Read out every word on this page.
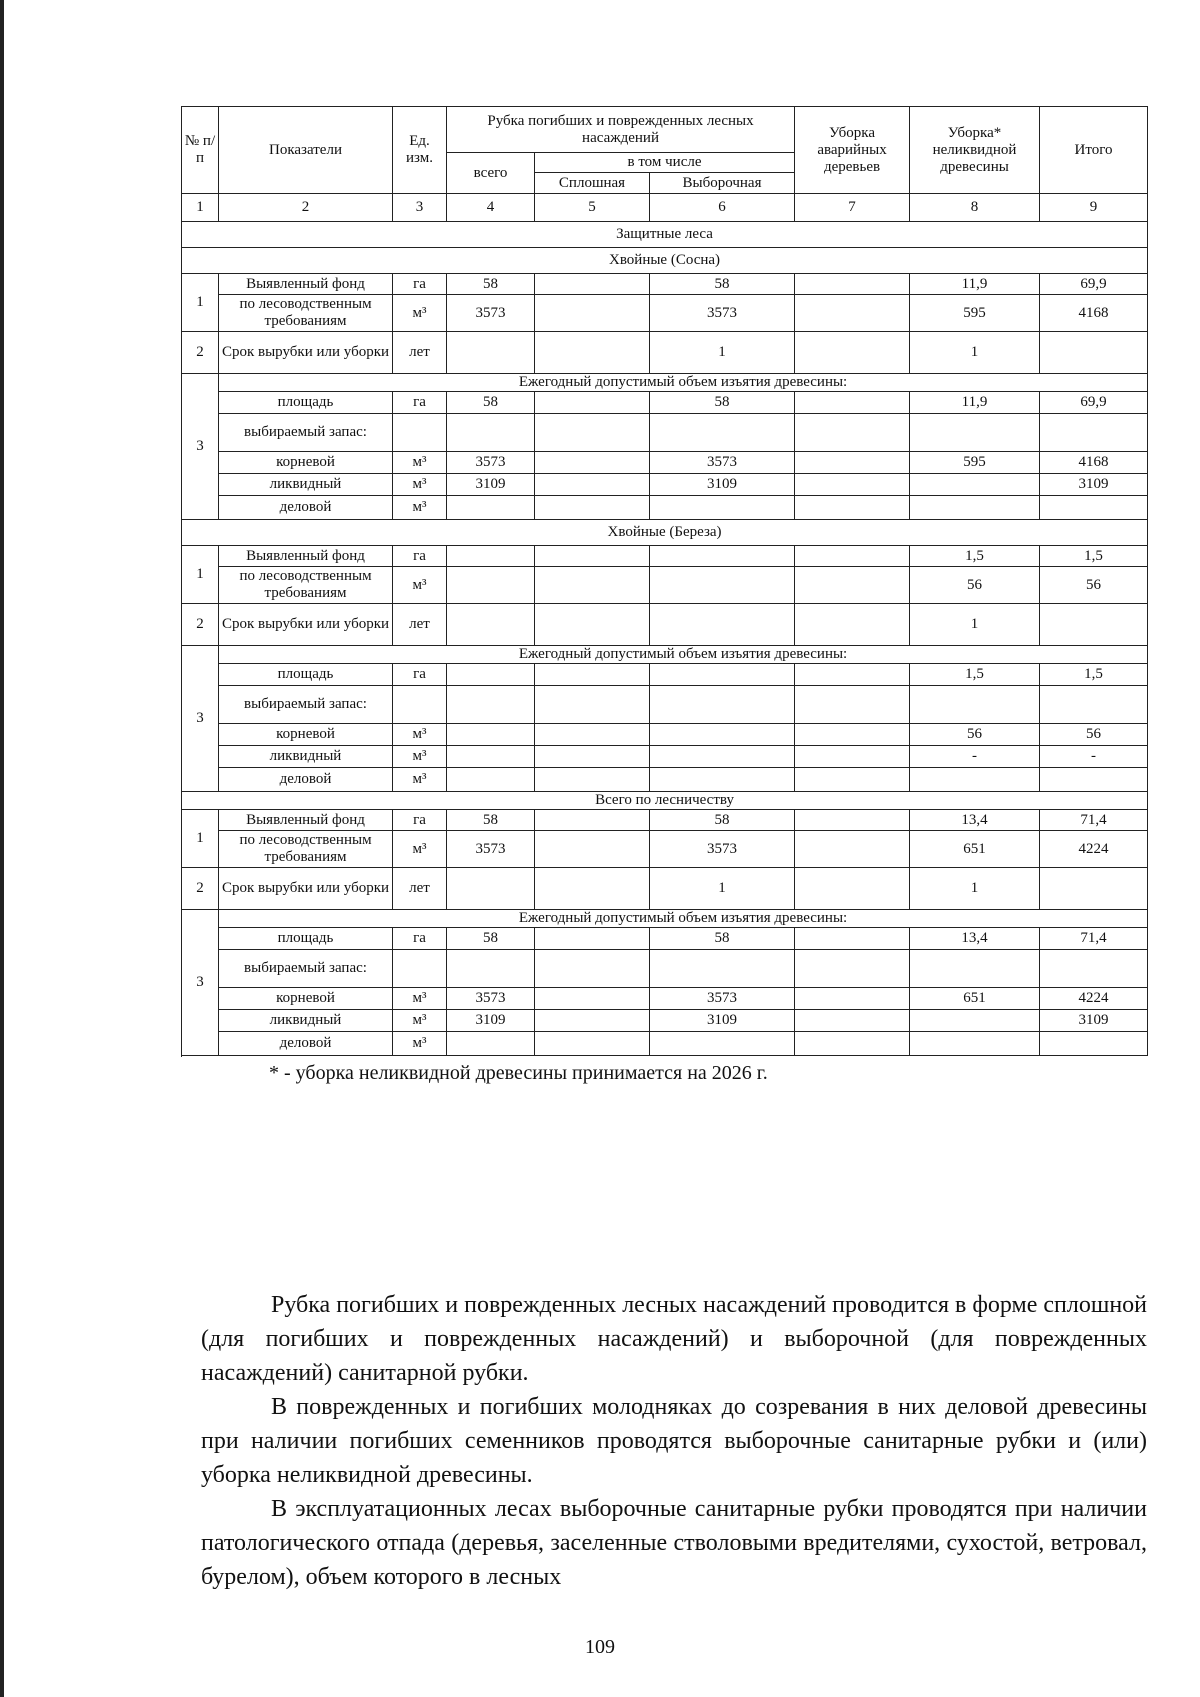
№ п/п	Показатели	Ед. изм.	Рубка погибших и поврежденных лесных насаждений			Уборка аварийных деревьев	Уборка* неликвидной древесины	Итого
			всего	в том числе				
				Сплошная	Выборочная			
1	2	3	4	5	6	7	8	9
Защитные леса								
Хвойные (Сосна)								
1	Выявленный фонд	га	58		58		11,9	69,9
	по лесоводственным требованиям	м³	3573		3573		595	4168
2	Срок вырубки или уборки	лет			1		1	
3	Ежегодный допустимый объем изъятия древесины:							
	площадь	га	58		58		11,9	69,9
	выбираемый запас:							
	корневой	м³	3573		3573		595	4168
	ликвидный	м³	3109		3109			3109
	деловой	м³						

Хвойные (Береза)								
1	Выявленный фонд	га					1,5	1,5
	по лесоводственным требованиям	м³					56	56
2	Срок вырубки или уборки	лет					1	
3	Ежегодный допустимый объем изъятия древесины:							
	площадь	га					1,5	1,5
	выбираемый запас:							
	корневой	м³					56	56
	ликвидный	м³					-	-
	деловой	м³						

Всего по лесничеству								
1	Выявленный фонд	га	58		58		13,4	71,4
	по лесоводственным требованиям	м³	3573		3573		651	4224
2	Срок вырубки или уборки	лет			1		1	
3	Ежегодный допустимый объем изъятия древесины:							
	площадь	га	58		58		13,4	71,4
	выбираемый запас:							
	корневой	м³	3573		3573		651	4224
	ликвидный	м³	3109		3109			3109
	деловой	м³						

* - уборка неликвидной древесины принимается на 2026 г.

Рубка погибших и поврежденных лесных насаждений проводится в форме сплошной (для погибших и поврежденных насаждений) и выборочной (для поврежденных насаждений) санитарной рубки.

В поврежденных и погибших молодняках до созревания в них деловой древесины при наличии погибших семенников проводятся выборочные санитарные рубки и (или) уборка неликвидной древесины.

В эксплуатационных лесах выборочные санитарные рубки проводятся при наличии патологического отпада (деревья, заселенные стволовыми вредителями, сухостой, ветровал, бурелом), объем которого в лесных

109
